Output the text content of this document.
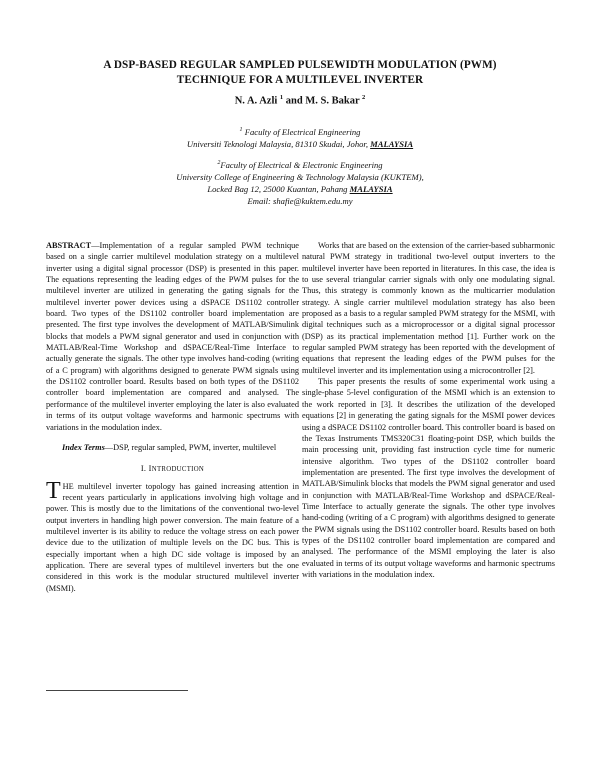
A DSP-BASED REGULAR SAMPLED PULSEWIDTH MODULATION (PWM)
TECHNIQUE FOR A MULTILEVEL INVERTER
N. A. Azli $^1$ and M. S. Bakar $^2$
$^1$ Faculty of Electrical Engineering
Universiti Teknologi Malaysia, 81310 Skudai, Johor, MALAYSIA
$^2$Faculty of Electrical & Electronic Engineering
University College of Engineering & Technology Malaysia (KUKTEM),
Locked Bag 12, 25000 Kuantan, Pahang MALAYSIA
Email: shafie@kuktem.edu.my

ABSTRACT—Implementation of a regular sampled PWM technique based on a single carrier multilevel modulation strategy on a multilevel inverter using a digital signal processor (DSP) is presented in this paper. The equations representing the leading edges of the PWM pulses for the multilevel inverter are utilized in generating the gating signals for the multilevel inverter power devices using a dSPACE DS1102 controller board. Two types of the DS1102 controller board implementation are presented. The first type involves the development of MATLAB/Simulink blocks that models a PWM signal generator and used in conjunction with MATLAB/Real-Time Workshop and dSPACE/Real-Time Interface to actually generate the signals. The other type involves hand-coding (writing of a C program) with algorithms designed to generate PWM signals using the DS1102 controller board. Results based on both types of the DS1102 controller board implementation are compared and analysed. The performance of the multilevel inverter employing the later is also evaluated in terms of its output voltage waveforms and harmonic spectrums with variations in the modulation index.

Index Terms—DSP, regular sampled, PWM, inverter, multilevel

I. INTRODUCTION

THE multilevel inverter topology has gained increasing attention in recent years particularly in applications involving high voltage and power. This is mostly due to the limitations of the conventional two-level output inverters in handling high power conversion. The main feature of a multilevel inverter is its ability to reduce the voltage stress on each power device due to the utilization of multiple levels on the DC bus. This is especially important when a high DC side voltage is imposed by an application. There are several types of multilevel inverters but the one considered in this work is the modular structured multilevel inverter (MSMI).

Works that are based on the extension of the carrier-based subharmonic natural PWM strategy in traditional two-level output inverters to the multilevel inverter have been reported in literatures. In this case, the idea is to use several triangular carrier signals with only one modulating signal. Thus, this strategy is commonly known as the multicarrier modulation strategy. A single carrier multilevel modulation strategy has also been proposed as a basis to a regular sampled PWM strategy for the MSMI, with digital techniques such as a microprocessor or a digital signal processor (DSP) as its practical implementation method [1]. Further work on the regular sampled PWM strategy has been reported with the development of equations that represent the leading edges of the PWM pulses for the multilevel inverter and its implementation using a microcontroller [2].

This paper presents the results of some experimental work using a single-phase 5-level configuration of the MSMI which is an extension to the work reported in [3]. It describes the utilization of the developed equations [2] in generating the gating signals for the MSMI power devices using a dSPACE DS1102 controller board. This controller board is based on the Texas Instruments TMS320C31 floating-point DSP, which builds the main processing unit, providing fast instruction cycle time for numeric intensive algorithm. Two types of the DS1102 controller board implementation are presented. The first type involves the development of MATLAB/Simulink blocks that models the PWM signal generator and used in conjunction with MATLAB/Real-Time Workshop and dSPACE/Real-Time Interface to actually generate the signals. The other type involves hand-coding (writing of a C program) with algorithms designed to generate the PWM signals using the DS1102 controller board. Results based on both types of the DS1102 controller board implementation are compared and analysed. The performance of the MSMI employing the later is also evaluated in terms of its output voltage waveforms and harmonic spectrums with variations in the modulation index.
